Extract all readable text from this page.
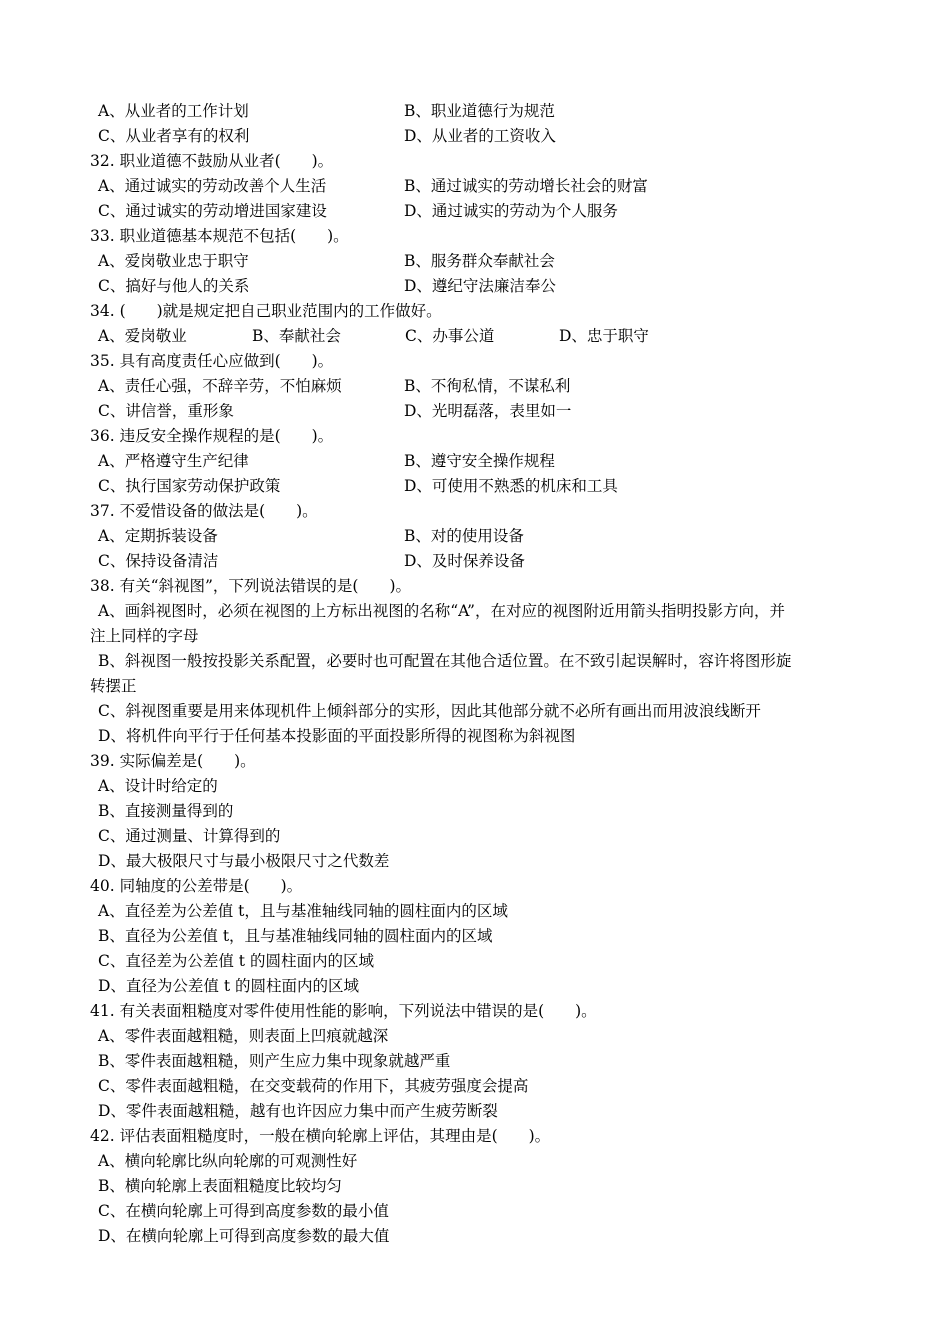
A、从业者的工作计划	B、职业道德行为规范
C、从业者享有的权利	D、从业者的工资收入
32. 职业道德不鼓励从业者(　　)。
A、通过诚实的劳动改善个人生活	B、通过诚实的劳动增长社会的财富
C、通过诚实的劳动增进国家建设	D、通过诚实的劳动为个人服务
33. 职业道德基本规范不包括(　　)。
A、爱岗敬业忠于职守	B、服务群众奉献社会
C、搞好与他人的关系	D、遵纪守法廉洁奉公
34. (　　)就是规定把自己职业范围内的工作做好。
A、爱岗敬业	B、奉献社会	C、办事公道	D、忠于职守
35. 具有高度责任心应做到(　　)。
A、责任心强，不辞辛劳，不怕麻烦	B、不徇私情，不谋私利
C、讲信誉，重形象	D、光明磊落，表里如一
36. 违反安全操作规程的是(　　)。
A、严格遵守生产纪律	B、遵守安全操作规程
C、执行国家劳动保护政策	D、可使用不熟悉的机床和工具
37. 不爱惜设备的做法是(　　)。
A、定期拆装设备	B、对的使用设备
C、保持设备清洁	D、及时保养设备
38. 有关“斜视图”，下列说法错误的是(　　)。
A、画斜视图时，必须在视图的上方标出视图的名称“A”，在对应的视图附近用箭头指明投影方向，并
注上同样的字母
B、斜视图一般按投影关系配置，必要时也可配置在其他合适位置。在不致引起误解时，容许将图形旋
转摆正
C、斜视图重要是用来体现机件上倾斜部分的实形，因此其他部分就不必所有画出而用波浪线断开
D、将机件向平行于任何基本投影面的平面投影所得的视图称为斜视图
39. 实际偏差是(　　)。
A、设计时给定的
B、直接测量得到的
C、通过测量、计算得到的
D、最大极限尺寸与最小极限尺寸之代数差
40. 同轴度的公差带是(　　)。
A、直径差为公差值 t，且与基准轴线同轴的圆柱面内的区域
B、直径为公差值 t，且与基准轴线同轴的圆柱面内的区域
C、直径差为公差值 t 的圆柱面内的区域
D、直径为公差值 t 的圆柱面内的区域
41. 有关表面粗糙度对零件使用性能的影响，下列说法中错误的是(　　)。
A、零件表面越粗糙，则表面上凹痕就越深
B、零件表面越粗糙，则产生应力集中现象就越严重
C、零件表面越粗糙，在交变载荷的作用下，其疲劳强度会提高
D、零件表面越粗糙，越有也许因应力集中而产生疲劳断裂
42. 评估表面粗糙度时，一般在横向轮廓上评估，其理由是(　　)。
A、横向轮廓比纵向轮廓的可观测性好
B、横向轮廓上表面粗糙度比较均匀
C、在横向轮廓上可得到高度参数的最小值
D、在横向轮廓上可得到高度参数的最大值
